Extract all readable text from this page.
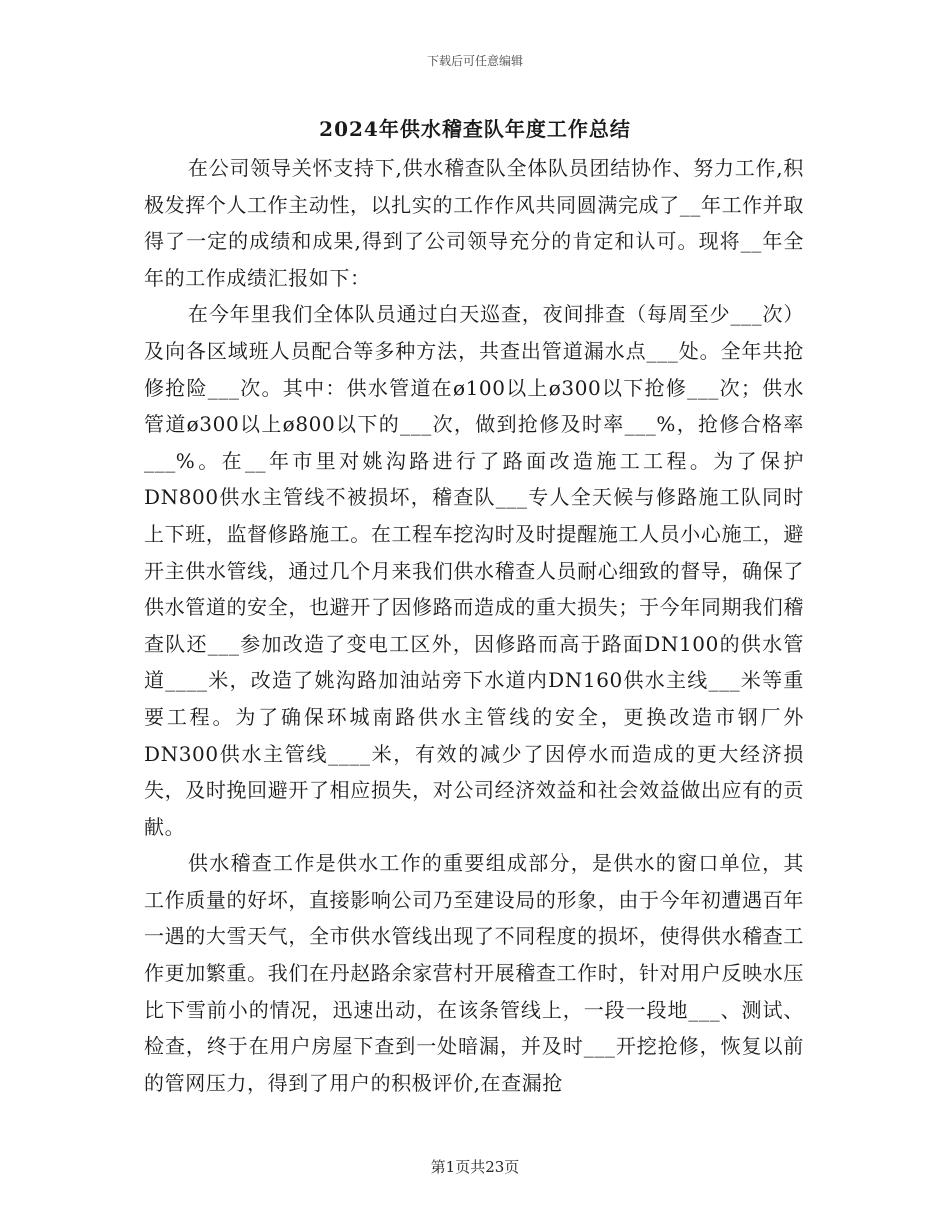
下载后可任意编辑
2024年供水稽查队年度工作总结

在公司领导关怀支持下,供水稽查队全体队员团结协作、努力工作,积极发挥个人工作主动性，以扎实的工作作风共同圆满完成了__年工作并取得了一定的成绩和成果,得到了公司领导充分的肯定和认可。现将__年全年的工作成绩汇报如下：

在今年里我们全体队员通过白天巡查，夜间排查（每周至少___次）及向各区域班人员配合等多种方法，共查出管道漏水点___处。全年共抢修抢险___次。其中：供水管道在ø100以上ø300以下抢修___次；供水管道ø300以上ø800以下的___次，做到抢修及时率___%，抢修合格率___%。在__年市里对姚沟路进行了路面改造施工工程。为了保护DN800供水主管线不被损坏，稽查队___专人全天候与修路施工队同时上下班，监督修路施工。在工程车挖沟时及时提醒施工人员小心施工，避开主供水管线，通过几个月来我们供水稽查人员耐心细致的督导，确保了供水管道的安全，也避开了因修路而造成的重大损失；于今年同期我们稽查队还___参加改造了变电工区外，因修路而高于路面DN100的供水管道____米，改造了姚沟路加油站旁下水道内DN160供水主线___米等重要工程。为了确保环城南路供水主管线的安全，更换改造市钢厂外DN300供水主管线____米，有效的减少了因停水而造成的更大经济损失，及时挽回避开了相应损失，对公司经济效益和社会效益做出应有的贡献。

供水稽查工作是供水工作的重要组成部分，是供水的窗口单位，其工作质量的好坏，直接影响公司乃至建设局的形象，由于今年初遭遇百年一遇的大雪天气，全市供水管线出现了不同程度的损坏，使得供水稽查工作更加繁重。我们在丹赵路余家营村开展稽查工作时，针对用户反映水压比下雪前小的情况，迅速出动，在该条管线上，一段一段地___、测试、检查，终于在用户房屋下查到一处暗漏，并及时___开挖抢修，恢复以前的管网压力，得到了用户的积极评价,在查漏抢

第1页共23页
